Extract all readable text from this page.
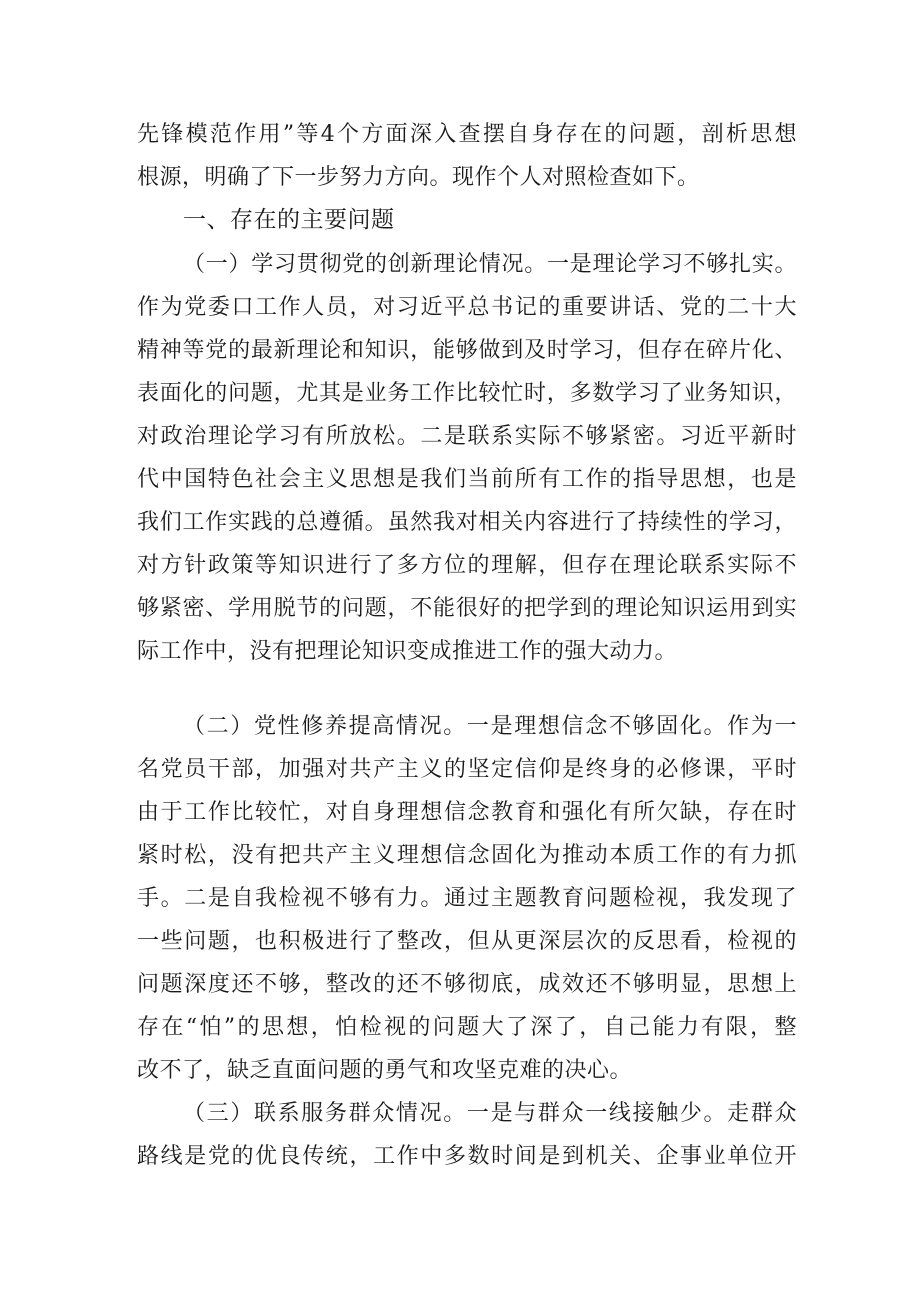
先锋模范作用”等4个方面深入查摆自身存在的问题，剖析思想
根源，明确了下一步努力方向。现作个人对照检查如下。
一、存在的主要问题
（一）学习贯彻党的创新理论情况。一是理论学习不够扎实。
作为党委口工作人员，对习近平总书记的重要讲话、党的二十大
精神等党的最新理论和知识，能够做到及时学习，但存在碎片化、
表面化的问题，尤其是业务工作比较忙时，多数学习了业务知识，
对政治理论学习有所放松。二是联系实际不够紧密。习近平新时
代中国特色社会主义思想是我们当前所有工作的指导思想，也是
我们工作实践的总遵循。虽然我对相关内容进行了持续性的学习，
对方针政策等知识进行了多方位的理解，但存在理论联系实际不
够紧密、学用脱节的问题，不能很好的把学到的理论知识运用到实
际工作中，没有把理论知识变成推进工作的强大动力。
（二）党性修养提高情况。一是理想信念不够固化。作为一
名党员干部，加强对共产主义的坚定信仰是终身的必修课，平时
由于工作比较忙，对自身理想信念教育和强化有所欠缺，存在时
紧时松，没有把共产主义理想信念固化为推动本质工作的有力抓
手。二是自我检视不够有力。通过主题教育问题检视，我发现了
一些问题，也积极进行了整改，但从更深层次的反思看，检视的
问题深度还不够，整改的还不够彻底，成效还不够明显，思想上
存在“怕”的思想，怕检视的问题大了深了，自己能力有限，整
改不了，缺乏直面问题的勇气和攻坚克难的决心。
（三）联系服务群众情况。一是与群众一线接触少。走群众
路线是党的优良传统，工作中多数时间是到机关、企事业单位开
